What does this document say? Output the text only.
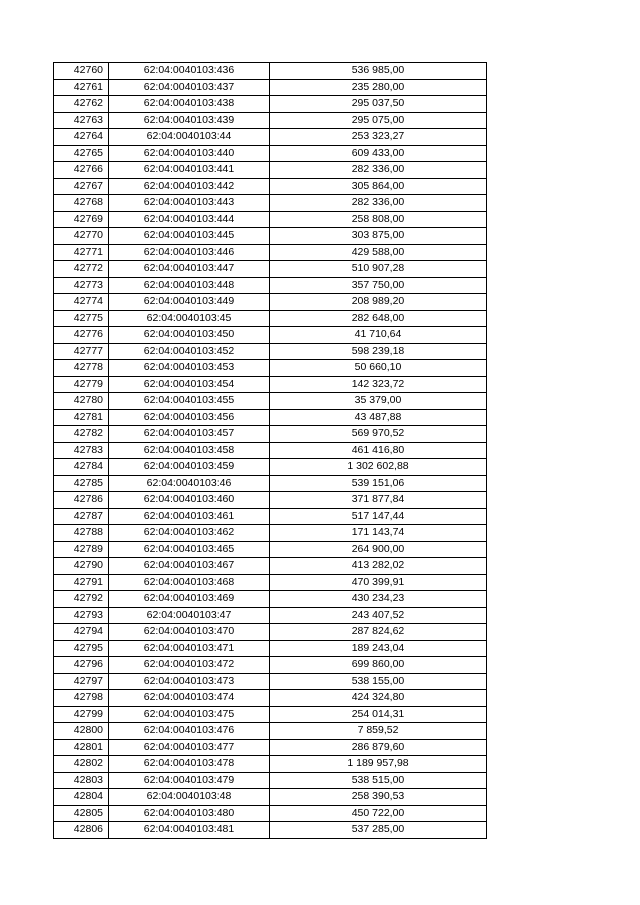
42760	62:04:0040103:436	536 985,00
42761	62:04:0040103:437	235 280,00
42762	62:04:0040103:438	295 037,50
42763	62:04:0040103:439	295 075,00
42764	62:04:0040103:44	253 323,27
42765	62:04:0040103:440	609 433,00
42766	62:04:0040103:441	282 336,00
42767	62:04:0040103:442	305 864,00
42768	62:04:0040103:443	282 336,00
42769	62:04:0040103:444	258 808,00
42770	62:04:0040103:445	303 875,00
42771	62:04:0040103:446	429 588,00
42772	62:04:0040103:447	510 907,28
42773	62:04:0040103:448	357 750,00
42774	62:04:0040103:449	208 989,20
42775	62:04:0040103:45	282 648,00
42776	62:04:0040103:450	41 710,64
42777	62:04:0040103:452	598 239,18
42778	62:04:0040103:453	50 660,10
42779	62:04:0040103:454	142 323,72
42780	62:04:0040103:455	35 379,00
42781	62:04:0040103:456	43 487,88
42782	62:04:0040103:457	569 970,52
42783	62:04:0040103:458	461 416,80
42784	62:04:0040103:459	1 302 602,88
42785	62:04:0040103:46	539 151,06
42786	62:04:0040103:460	371 877,84
42787	62:04:0040103:461	517 147,44
42788	62:04:0040103:462	171 143,74
42789	62:04:0040103:465	264 900,00
42790	62:04:0040103:467	413 282,02
42791	62:04:0040103:468	470 399,91
42792	62:04:0040103:469	430 234,23
42793	62:04:0040103:47	243 407,52
42794	62:04:0040103:470	287 824,62
42795	62:04:0040103:471	189 243,04
42796	62:04:0040103:472	699 860,00
42797	62:04:0040103:473	538 155,00
42798	62:04:0040103:474	424 324,80
42799	62:04:0040103:475	254 014,31
42800	62:04:0040103:476	7 859,52
42801	62:04:0040103:477	286 879,60
42802	62:04:0040103:478	1 189 957,98
42803	62:04:0040103:479	538 515,00
42804	62:04:0040103:48	258 390,53
42805	62:04:0040103:480	450 722,00
42806	62:04:0040103:481	537 285,00
